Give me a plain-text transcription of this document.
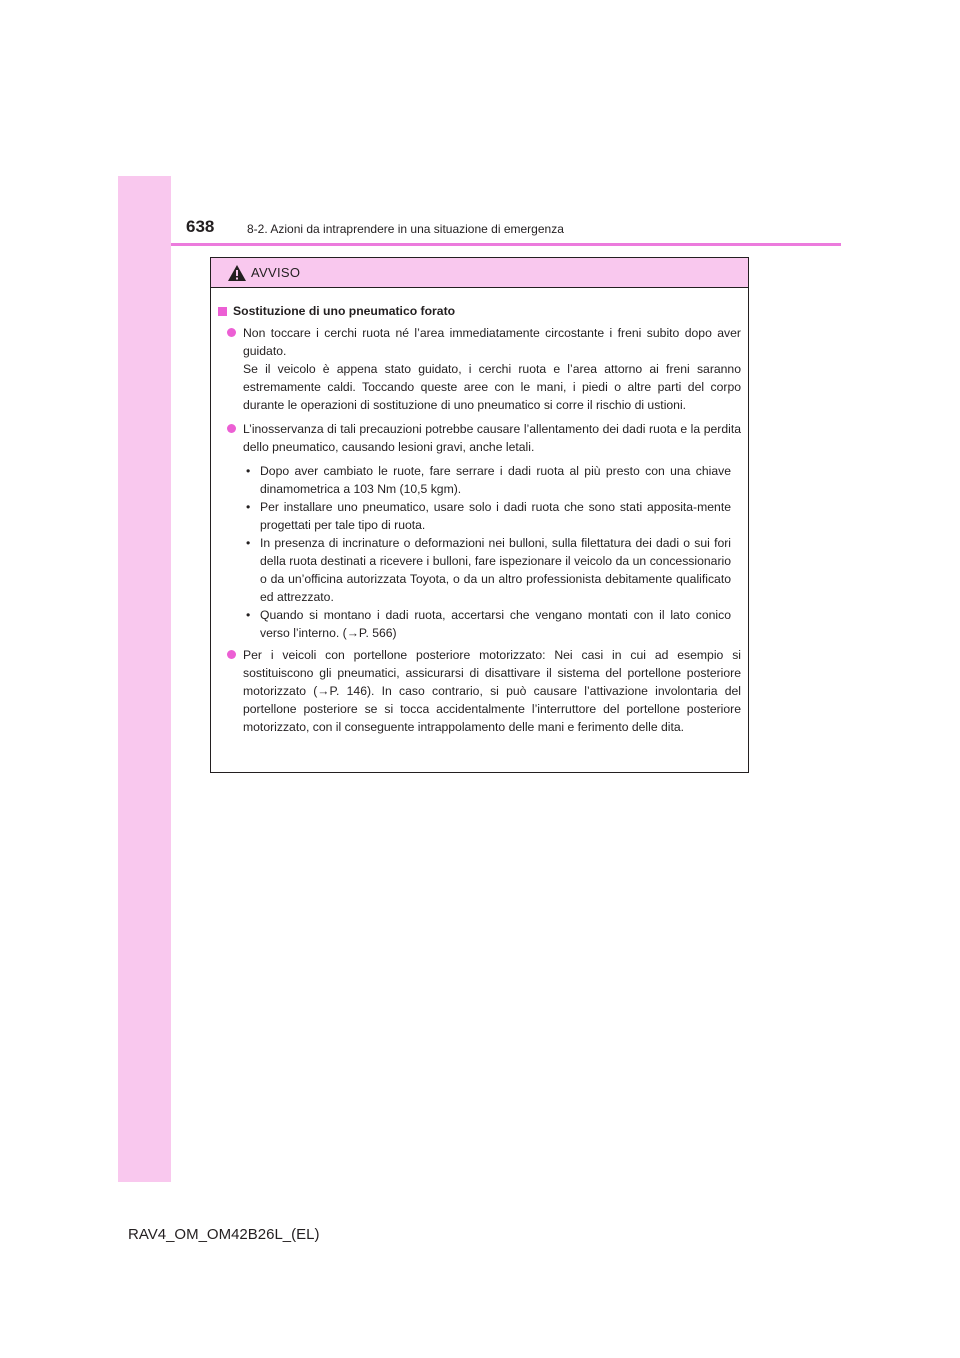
638	8-2. Azioni da intraprendere in una situazione di emergenza
AVVISO
Sostituzione di uno pneumatico forato

Non toccare i cerchi ruota né l’area immediatamente circostante i freni subito dopo aver guidato.

Se il veicolo è appena stato guidato, i cerchi ruota e l’area attorno ai freni saranno estremamente caldi. Toccando queste aree con le mani, i piedi o altre parti del corpo durante le operazioni di sostituzione di uno pneumatico si corre il rischio di ustioni.

L’inosservanza di tali precauzioni potrebbe causare l’allentamento dei dadi ruota e la perdita dello pneumatico, causando lesioni gravi, anche letali.

• Dopo aver cambiato le ruote, fare serrare i dadi ruota al più presto con una chiave dinamometrica a 103 Nm (10,5 kgm).
• Per installare uno pneumatico, usare solo i dadi ruota che sono stati apposita-mente progettati per tale tipo di ruota.
• In presenza di incrinature o deformazioni nei bulloni, sulla filettatura dei dadi o sui fori della ruota destinati a ricevere i bulloni, fare ispezionare il veicolo da un concessionario o da un’officina autorizzata Toyota, o da un altro professionista debitamente qualificato ed attrezzato.
• Quando si montano i dadi ruota, accertarsi che vengano montati con il lato conico verso l’interno. (→P. 566)

Per i veicoli con portellone posteriore motorizzato: Nei casi in cui ad esempio si sostituiscono gli pneumatici, assicurarsi di disattivare il sistema del portellone posteriore motorizzato (→P. 146). In caso contrario, si può causare l’attivazione involontaria del portellone posteriore se si tocca accidentalmente l’interruttore del portellone posteriore motorizzato, con il conseguente intrappolamento delle mani e ferimento delle dita.

RAV4_OM_OM42B26L_(EL)
